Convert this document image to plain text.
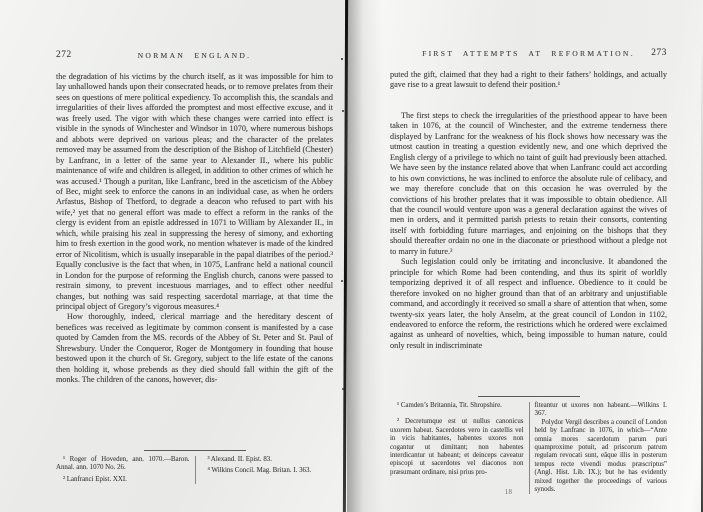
272	NORMAN ENGLAND.

the degradation of his victims by the church itself, as it was impossible for him to lay unhallowed hands upon their consecrated heads, or to remove prelates from their sees on questions of mere political expediency. To accomplish this, the scandals and irregularities of their lives afforded the promptest and most effective excuse, and it was freely used. The vigor with which these changes were carried into effect is visible in the synods of Winchester and Windsor in 1070, where numerous bishops and abbots were deprived on various pleas; and the character of the prelates removed may be assumed from the description of the Bishop of Litchfield (Chester) by Lanfranc, in a letter of the same year to Alexander II., where his public maintenance of wife and children is alleged, in addition to other crimes of which he was accused.¹ Though a puritan, like Lanfranc, bred in the asceticism of the Abbey of Bec, might seek to enforce the canons in an individual case, as when he orders Arfastus, Bishop of Thetford, to degrade a deacon who refused to part with his wife,² yet that no general effort was made to effect a reform in the ranks of the clergy is evident from an epistle addressed in 1071 to William by Alexander II., in which, while praising his zeal in suppressing the heresy of simony, and exhorting him to fresh exertion in the good work, no mention whatever is made of the kindred error of Nicolitism, which is usually inseparable in the papal diatribes of the period.³ Equally conclusive is the fact that when, in 1075, Lanfranc held a national council in London for the purpose of reforming the English church, canons were passed to restrain simony, to prevent incestuous marriages, and to effect other needful changes, but nothing was said respecting sacerdotal marriage, at that time the principal object of Gregory’s vigorous measures.⁴

How thoroughly, indeed, clerical marriage and the hereditary descent of benefices was received as legitimate by common consent is manifested by a case quoted by Camden from the MS. records of the Abbey of St. Peter and St. Paul of Shrewsbury. Under the Conqueror, Roger de Montgomery in founding that house bestowed upon it the church of St. Gregory, subject to the life estate of the canons then holding it, whose prebends as they died should fall within the gift of the monks. The children of the canons, however, dis-

¹ Roger of Hoveden, ann. 1070.—Baron. Annal. ann. 1070 No. 26.

² Lanfranci Epist. XXI.

³ Alexand. II. Epist. 83.

⁴ Wilkins Concil. Mag. Britan. I. 363.

FIRST ATTEMPTS AT REFORMATION.	273

puted the gift, claimed that they had a right to their fathers’ holdings, and actually gave rise to a great lawsuit to defend their position.¹

The first steps to check the irregularities of the priesthood appear to have been taken in 1076, at the council of Winchester, and the extreme tenderness there displayed by Lanfranc for the weakness of his flock shows how necessary was the utmost caution in treating a question evidently new, and one which deprived the English clergy of a privilege to which no taint of guilt had previously been attached. We have seen by the instance related above that when Lanfranc could act according to his own convictions, he was inclined to enforce the absolute rule of celibacy, and we may therefore conclude that on this occasion he was overruled by the convictions of his brother prelates that it was impossible to obtain obedience. All that the council would venture upon was a general declaration against the wives of men in orders, and it permitted parish priests to retain their consorts, contenting itself with forbidding future marriages, and enjoining on the bishops that they should thereafter ordain no one in the diaconate or priesthood without a pledge not to marry in future.²

Such legislation could only be irritating and inconclusive. It abandoned the principle for which Rome had been contending, and thus its spirit of worldly temporizing deprived it of all respect and influence. Obedience to it could be therefore invoked on no higher ground than that of an arbitrary and unjustifiable command, and accordingly it received so small a share of attention that when, some twenty-six years later, the holy Anselm, at the great council of London in 1102, endeavored to enforce the reform, the restrictions which he ordered were exclaimed against as unheard of novelties, which, being impossible to human nature, could only result in indiscriminate

¹ Camden’s Britannia, Tit. Shropshire.

² Decretumque est ut nullus canonicus uxorem habeat. Sacerdotes vero in castellis vel in vicis habitantes, habentes uxores non cogantur ut dimittant; non habentes interdicantur ut habeant; et deinceps caveatur episcopi ut sacerdotes vel diaconos non præsumant ordinare, nisi prius pro-

fiteantur ut uxores non habeant.—Wilkins I. 367.

Polydor Vergil describes a council of London held by Lanfranc in 1076, in which—“Ante omnia mores sacerdotum parum puri quamproxime potuit, ad priscorum patrum regulam revocati sunt, eâque illis in posterum tempus recte vivendi modus præscriptus” (Angl. Hist. Lib. IX.); but he has evidently mixed together the proceedings of various synods.

18
